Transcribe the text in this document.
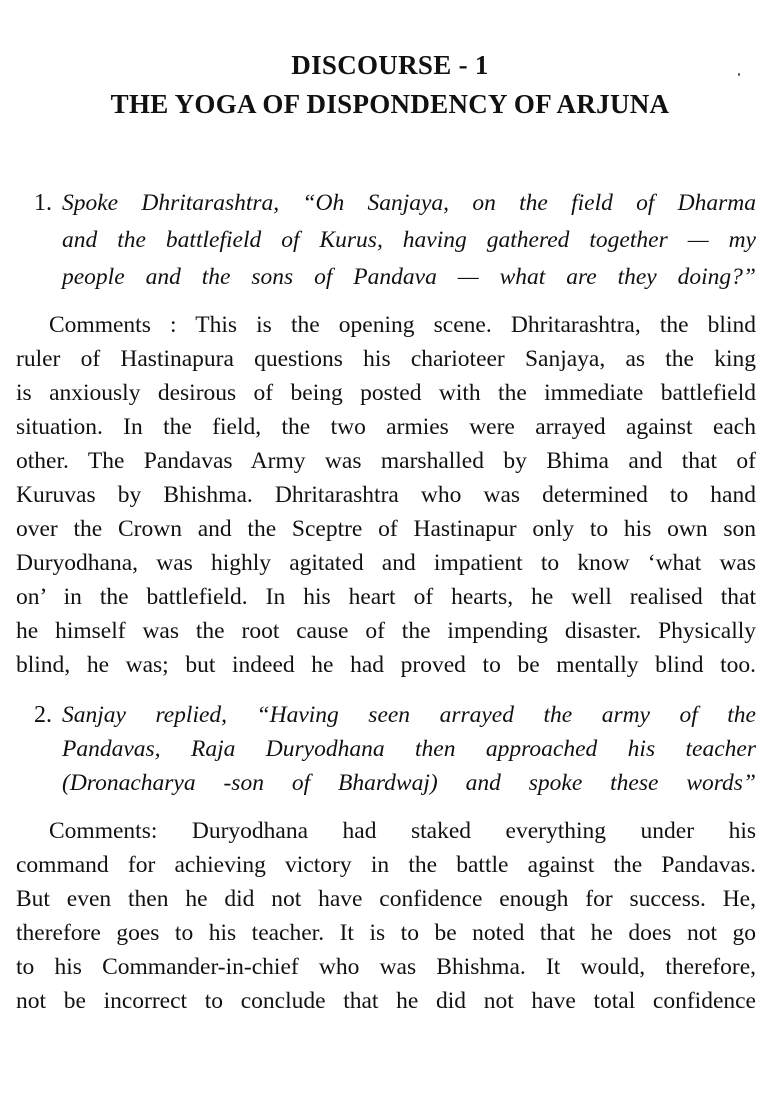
DISCOURSE - 1
THE YOGA OF DISPONDENCY OF ARJUNA
1. Spoke Dhritarashtra, “Oh Sanjaya, on the field of Dharma
and the battlefield of Kurus, having gathered together — my
people and the sons of Pandava — what are they doing?”
Comments : This is the opening scene. Dhritarashtra, the blind
ruler of Hastinapura questions his charioteer Sanjaya, as the king
is anxiously desirous of being posted with the immediate battlefield
situation. In the field, the two armies were arrayed against each
other. The Pandavas Army was marshalled by Bhima and that of
Kuruvas by Bhishma. Dhritarashtra who was determined to hand
over the Crown and the Sceptre of Hastinapur only to his own son
Duryodhana, was highly agitated and impatient to know ‘what was
on’ in the battlefield. In his heart of hearts, he well realised that
he himself was the root cause of the impending disaster. Physically
blind, he was; but indeed he had proved to be mentally blind too.
2. Sanjay replied, “Having seen arrayed the army of the
Pandavas, Raja Duryodhana then approached his teacher
(Dronacharya -son of Bhardwaj) and spoke these words”
Comments: Duryodhana had staked everything under his
command for achieving victory in the battle against the Pandavas.
But even then he did not have confidence enough for success. He,
therefore goes to his teacher. It is to be noted that he does not go
to his Commander-in-chief who was Bhishma. It would, therefore,
not be incorrect to conclude that he did not have total confidence
